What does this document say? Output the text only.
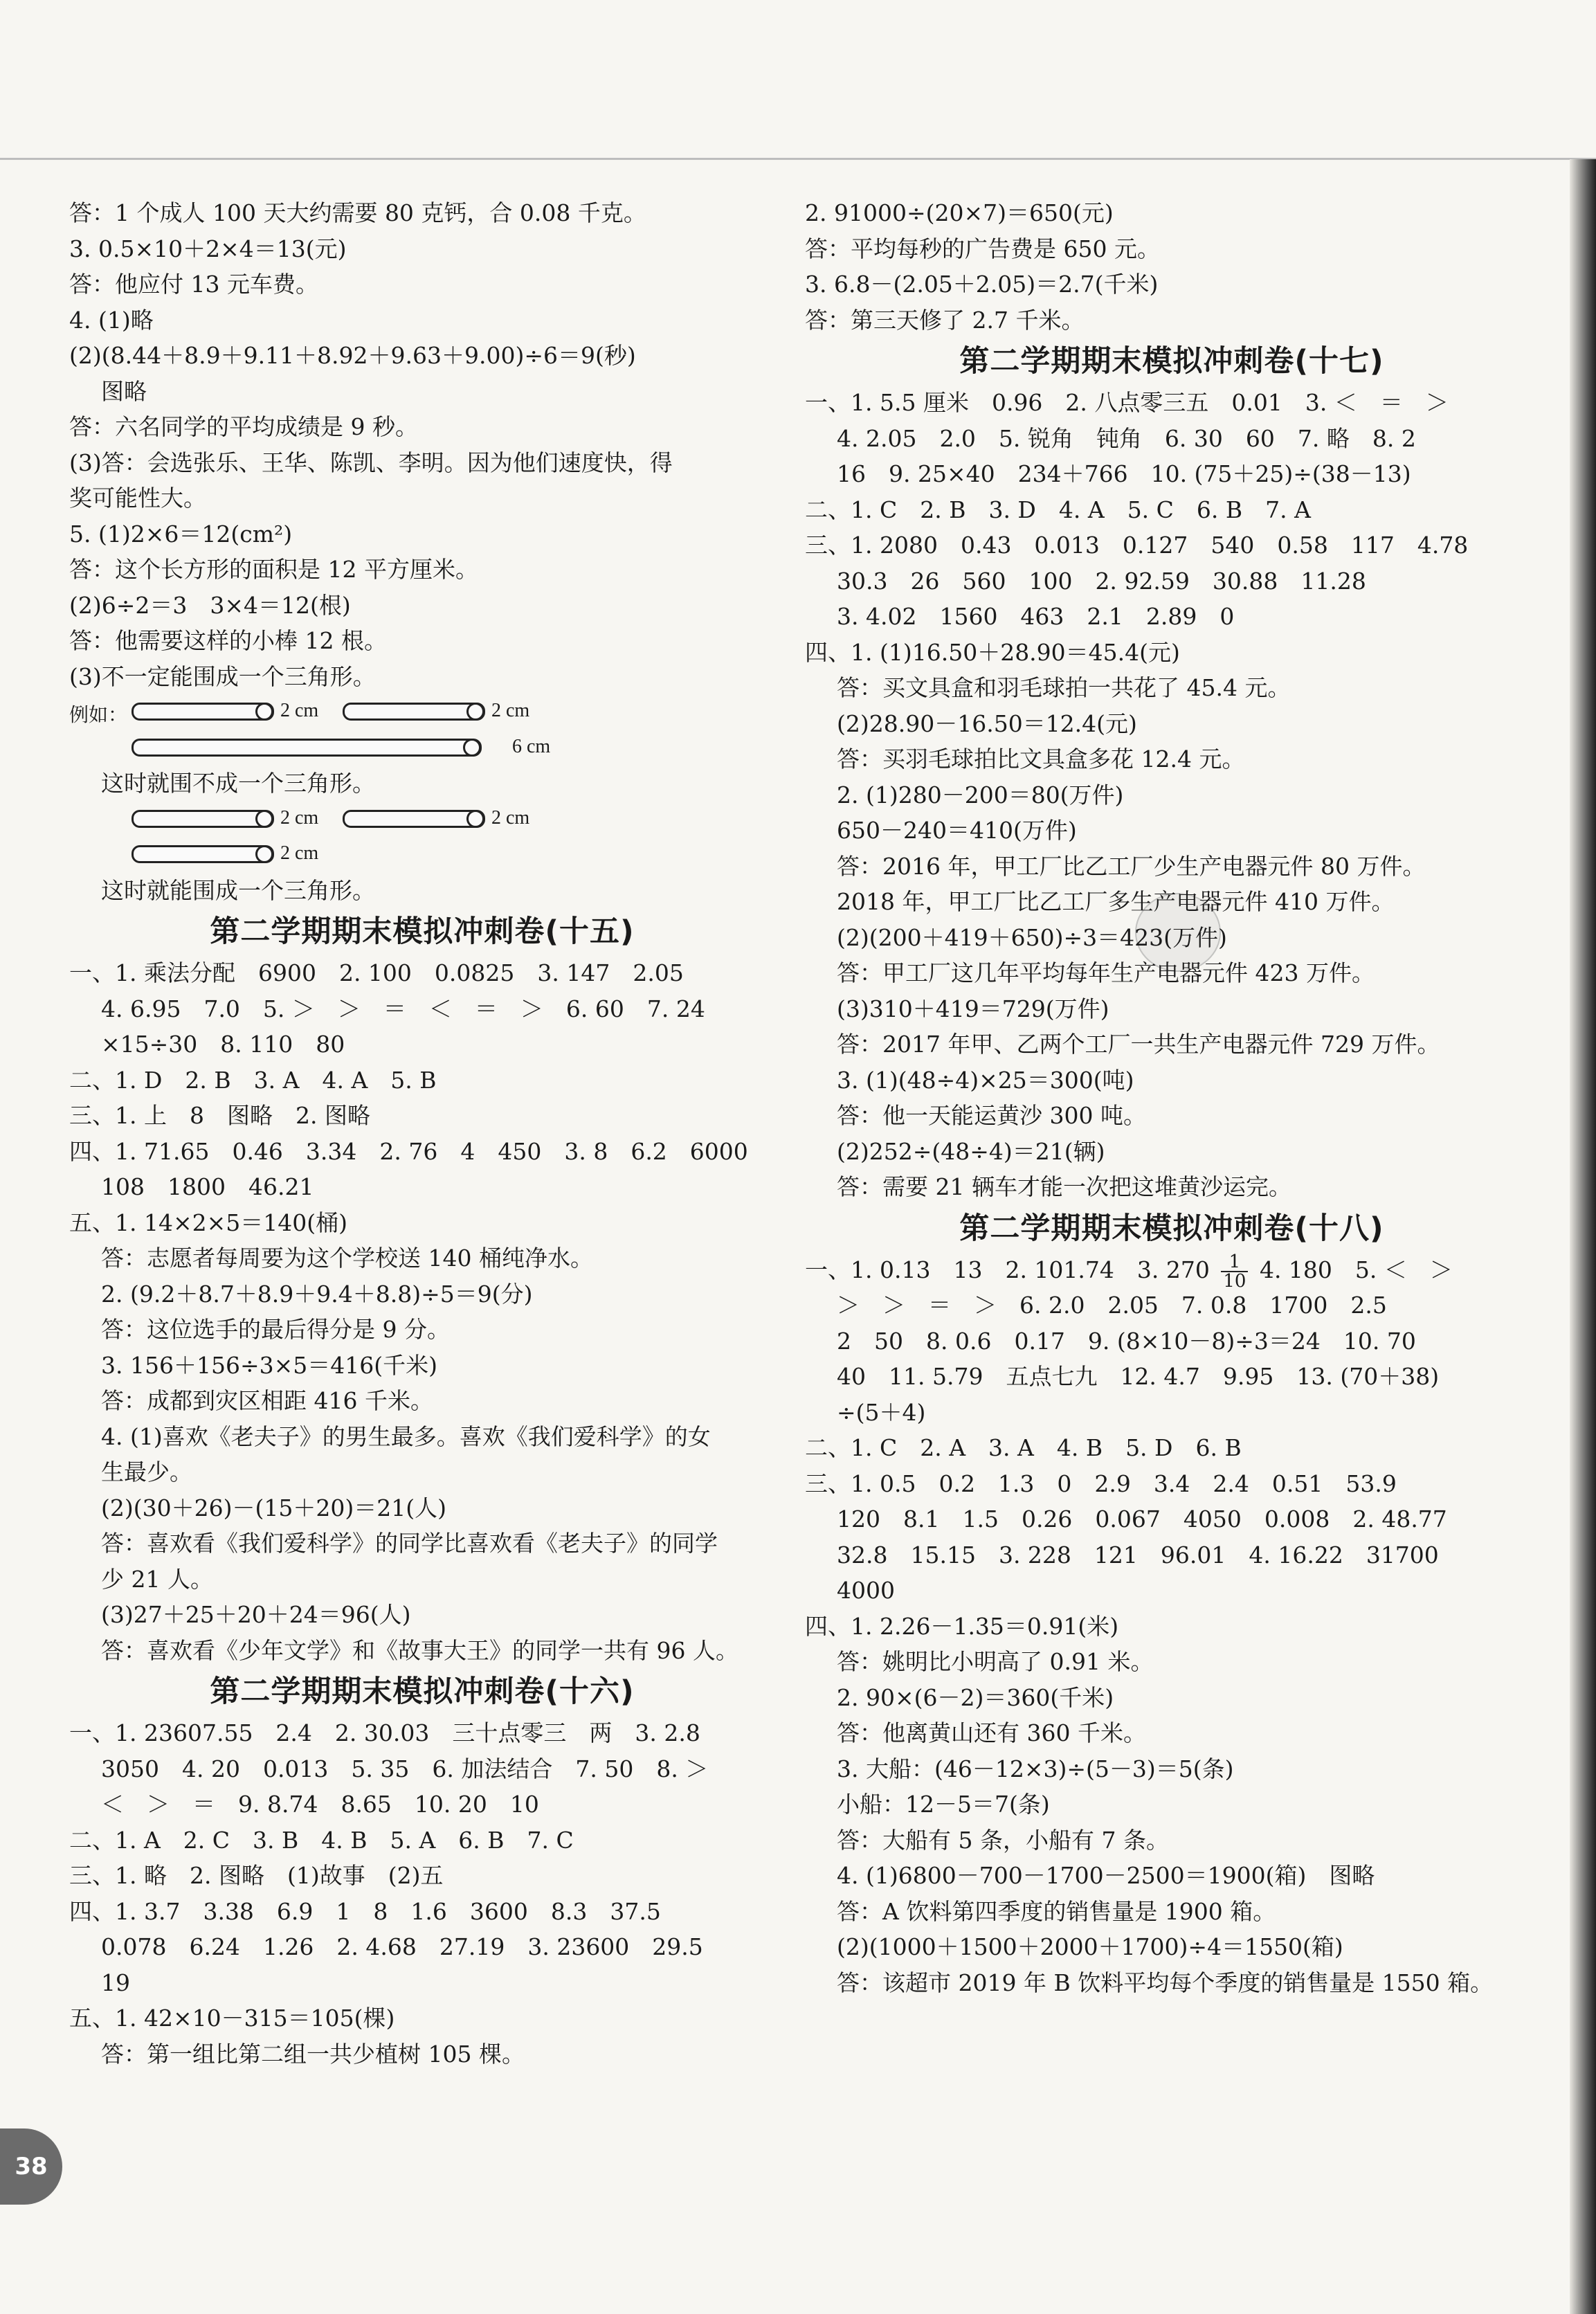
答：1 个成人 100 天大约需要 80 克钙，合 0.08 千克。
3. 0.5×10＋2×4＝13(元)
答：他应付 13 元车费。
4. (1)略
(2)(8.44＋8.9＋9.11＋8.92＋9.63＋9.00)÷6＝9(秒)
图略
答：六名同学的平均成绩是 9 秒。
(3)答：会选张乐、王华、陈凯、李明。因为他们速度快，得
奖可能性大。
5. (1)2×6＝12(cm²)
答：这个长方形的面积是 12 平方厘米。
(2)6÷2＝3　3×4＝12(根)
答：他需要这样的小棒 12 根。
(3)不一定能围成一个三角形。
例如：	2 cm	2 cm
6 cm
这时就围不成一个三角形。
2 cm	2 cm
2 cm
这时就能围成一个三角形。
第二学期期末模拟冲刺卷(十五)
一、1. 乘法分配　6900　2. 100　0.0825　3. 147　2.05
4. 6.95　7.0　5. ＞　＞　＝　＜　＝　＞　6. 60　7. 24
×15÷30　8. 110　80
二、1. D　2. B　3. A　4. A　5. B
三、1. 上　8　图略　2. 图略
四、1. 71.65　0.46　3.34　2. 76　4　450　3. 8　6.2　6000
108　1800　46.21
五、1. 14×2×5＝140(桶)
答：志愿者每周要为这个学校送 140 桶纯净水。
2. (9.2＋8.7＋8.9＋9.4＋8.8)÷5＝9(分)
答：这位选手的最后得分是 9 分。
3. 156＋156÷3×5＝416(千米)
答：成都到灾区相距 416 千米。
4. (1)喜欢《老夫子》的男生最多。喜欢《我们爱科学》的女
生最少。
(2)(30＋26)－(15＋20)＝21(人)
答：喜欢看《我们爱科学》的同学比喜欢看《老夫子》的同学
少 21 人。
(3)27＋25＋20＋24＝96(人)
答：喜欢看《少年文学》和《故事大王》的同学一共有 96 人。
第二学期期末模拟冲刺卷(十六)
一、1. 23607.55　2.4　2. 30.03　三十点零三　两　3. 2.8
3050　4. 20　0.013　5. 35　6. 加法结合　7. 50　8. ＞
＜　＞　＝　9. 8.74　8.65　10. 20　10
二、1. A　2. C　3. B　4. B　5. A　6. B　7. C
三、1. 略　2. 图略　(1)故事　(2)五
四、1. 3.7　3.38　6.9　1　8　1.6　3600　8.3　37.5
0.078　6.24　1.26　2. 4.68　27.19　3. 23600　29.5
19
五、1. 42×10－315＝105(棵)
答：第一组比第二组一共少植树 105 棵。
2. 91000÷(20×7)＝650(元)
答：平均每秒的广告费是 650 元。
3. 6.8－(2.05＋2.05)＝2.7(千米)
答：第三天修了 2.7 千米。
第二学期期末模拟冲刺卷(十七)
一、1. 5.5 厘米　0.96　2. 八点零三五　0.01　3. ＜　＝　＞
4. 2.05　2.0　5. 锐角　钝角　6. 30　60　7. 略　8. 2
16　9. 25×40　234＋766　10. (75＋25)÷(38－13)
二、1. C　2. B　3. D　4. A　5. C　6. B　7. A
三、1. 2080　0.43　0.013　0.127　540　0.58　117　4.78
30.3　26　560　100　2. 92.59　30.88　11.28
3. 4.02　1560　463　2.1　2.89　0
四、1. (1)16.50＋28.90＝45.4(元)
答：买文具盒和羽毛球拍一共花了 45.4 元。
(2)28.90－16.50＝12.4(元)
答：买羽毛球拍比文具盒多花 12.4 元。
2. (1)280－200＝80(万件)
650－240＝410(万件)
答：2016 年，甲工厂比乙工厂少生产电器元件 80 万件。
2018 年，甲工厂比乙工厂多生产电器元件 410 万件。
(2)(200＋419＋650)÷3＝423(万件)
答：甲工厂这几年平均每年生产电器元件 423 万件。
(3)310＋419＝729(万件)
答：2017 年甲、乙两个工厂一共生产电器元件 729 万件。
3. (1)(48÷4)×25＝300(吨)
答：他一天能运黄沙 300 吨。
(2)252÷(48÷4)＝21(辆)
答：需要 21 辆车才能一次把这堆黄沙运完。
第二学期期末模拟冲刺卷(十八)
一、1. 0.13　13　2. 101.74　3. $270 \frac{1}{10} 4$. 180　5. ＜　＞
＞　＞　＝　＞　6. 2.0　2.05　7. 0.8　1700　2.5
2　50　8. 0.6　0.17　9. (8×10－8)÷3＝24　10. 70
40　11. 5.79　五点七九　12. 4.7　9.95　13. (70＋38)
÷(5＋4)
二、1. C　2. A　3. A　4. B　5. D　6. B
三、1. 0.5　0.2　1.3　0　2.9　3.4　2.4　0.51　53.9
120　8.1　1.5　0.26　0.067　4050　0.008　2. 48.77
32.8　15.15　3. 228　121　96.01　4. 16.22　31700
4000
四、1. 2.26－1.35＝0.91(米)
答：姚明比小明高了 0.91 米。
2. 90×(6－2)＝360(千米)
答：他离黄山还有 360 千米。
3. 大船：(46－12×3)÷(5－3)＝5(条)
小船：12－5＝7(条)
答：大船有 5 条，小船有 7 条。
4. (1)6800－700－1700－2500＝1900(箱)　图略
答：A 饮料第四季度的销售量是 1900 箱。
(2)(1000＋1500＋2000＋1700)÷4＝1550(箱)
答：该超市 2019 年 B 饮料平均每个季度的销售量是 1550 箱。
38
